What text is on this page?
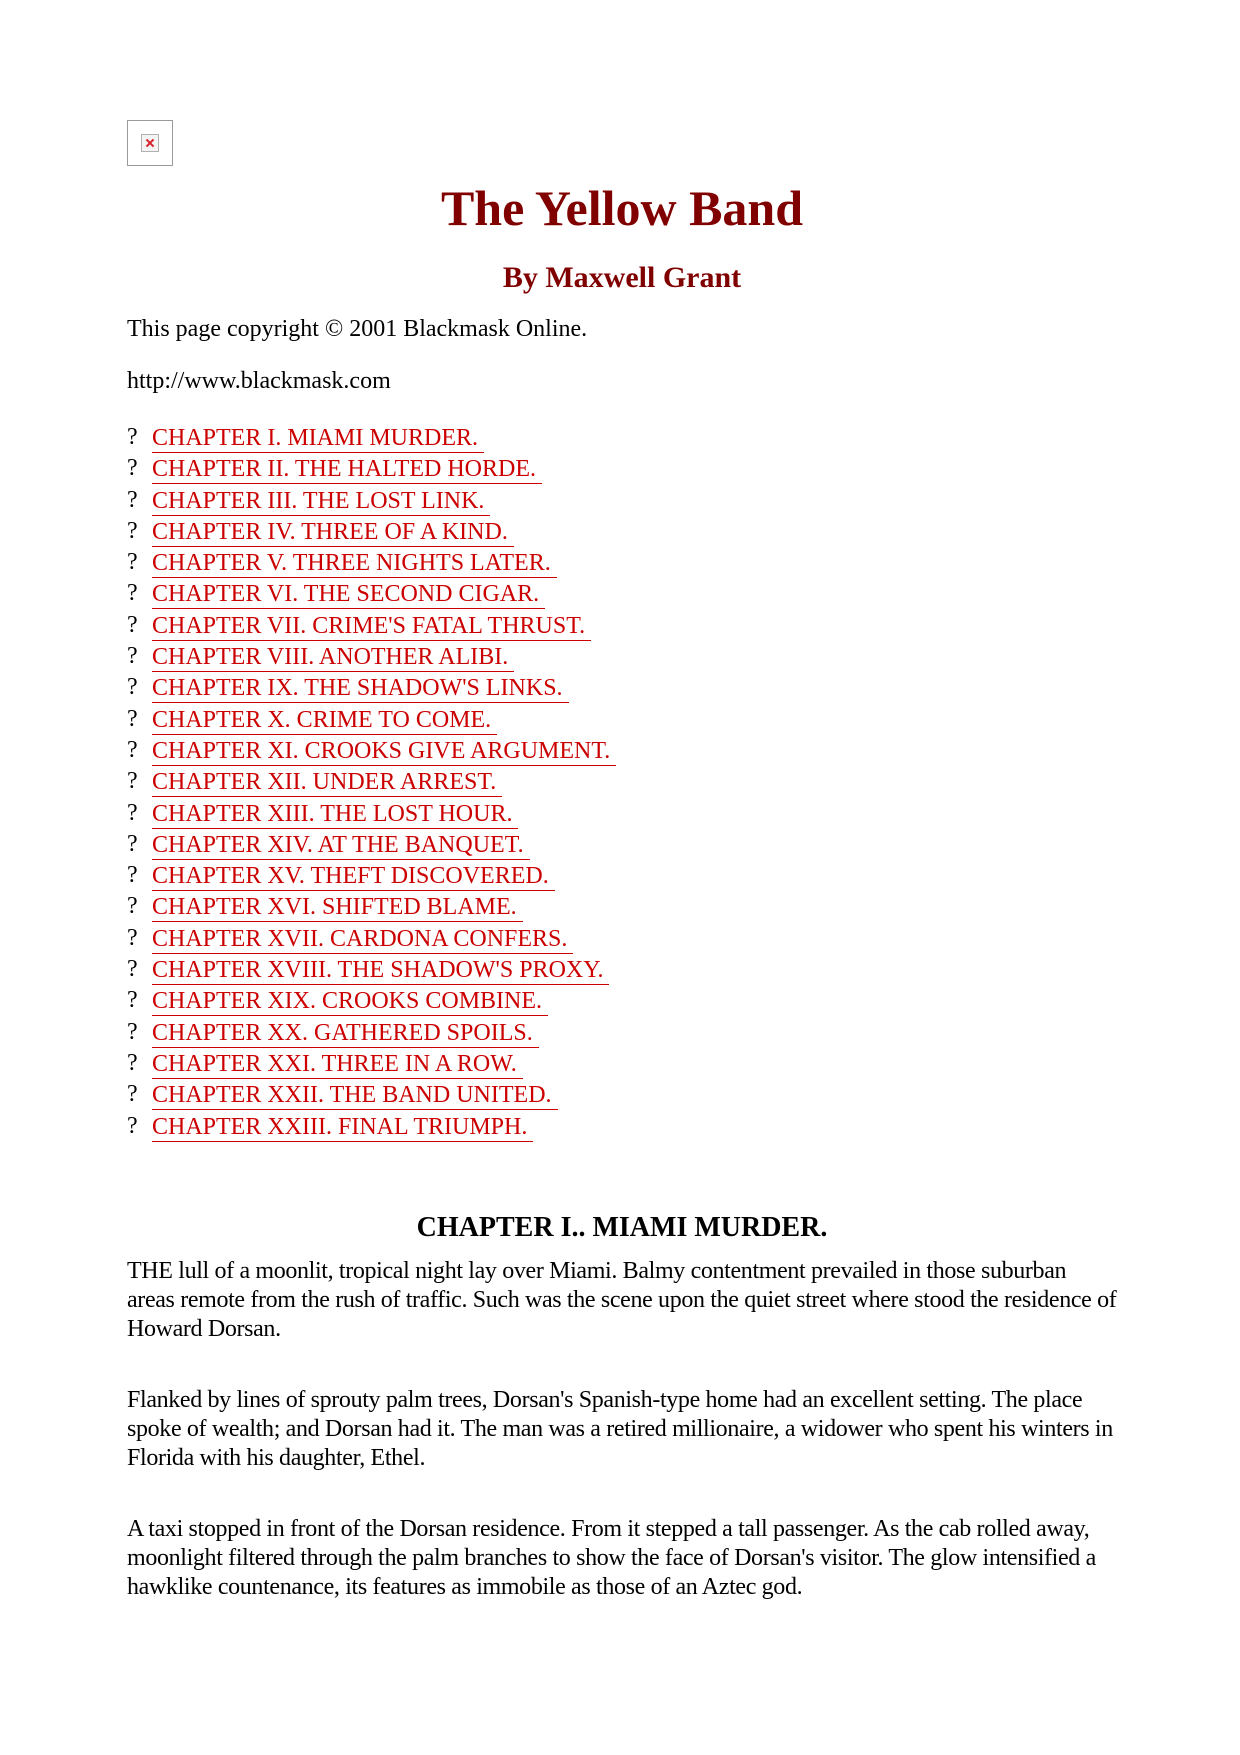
The Yellow Band
By Maxwell Grant

This page copyright © 2001 Blackmask Online.

http://www.blackmask.com

? CHAPTER I. MIAMI MURDER.
? CHAPTER II. THE HALTED HORDE.
? CHAPTER III. THE LOST LINK.
? CHAPTER IV. THREE OF A KIND.
? CHAPTER V. THREE NIGHTS LATER.
? CHAPTER VI. THE SECOND CIGAR.
? CHAPTER VII. CRIME'S FATAL THRUST.
? CHAPTER VIII. ANOTHER ALIBI.
? CHAPTER IX. THE SHADOW'S LINKS.
? CHAPTER X. CRIME TO COME.
? CHAPTER XI. CROOKS GIVE ARGUMENT.
? CHAPTER XII. UNDER ARREST.
? CHAPTER XIII. THE LOST HOUR.
? CHAPTER XIV. AT THE BANQUET.
? CHAPTER XV. THEFT DISCOVERED.
? CHAPTER XVI. SHIFTED BLAME.
? CHAPTER XVII. CARDONA CONFERS.
? CHAPTER XVIII. THE SHADOW'S PROXY.
? CHAPTER XIX. CROOKS COMBINE.
? CHAPTER XX. GATHERED SPOILS.
? CHAPTER XXI. THREE IN A ROW.
? CHAPTER XXII. THE BAND UNITED.
? CHAPTER XXIII. FINAL TRIUMPH.
CHAPTER I.. MIAMI MURDER.

THE lull of a moonlit, tropical night lay over Miami. Balmy contentment prevailed in those suburban areas remote from the rush of traffic. Such was the scene upon the quiet street where stood the residence of Howard Dorsan.

Flanked by lines of sprouty palm trees, Dorsan's Spanish-type home had an excellent setting. The place spoke of wealth; and Dorsan had it. The man was a retired millionaire, a widower who spent his winters in Florida with his daughter, Ethel.

A taxi stopped in front of the Dorsan residence. From it stepped a tall passenger. As the cab rolled away, moonlight filtered through the palm branches to show the face of Dorsan's visitor. The glow intensified a hawklike countenance, its features as immobile as those of an Aztec god.
